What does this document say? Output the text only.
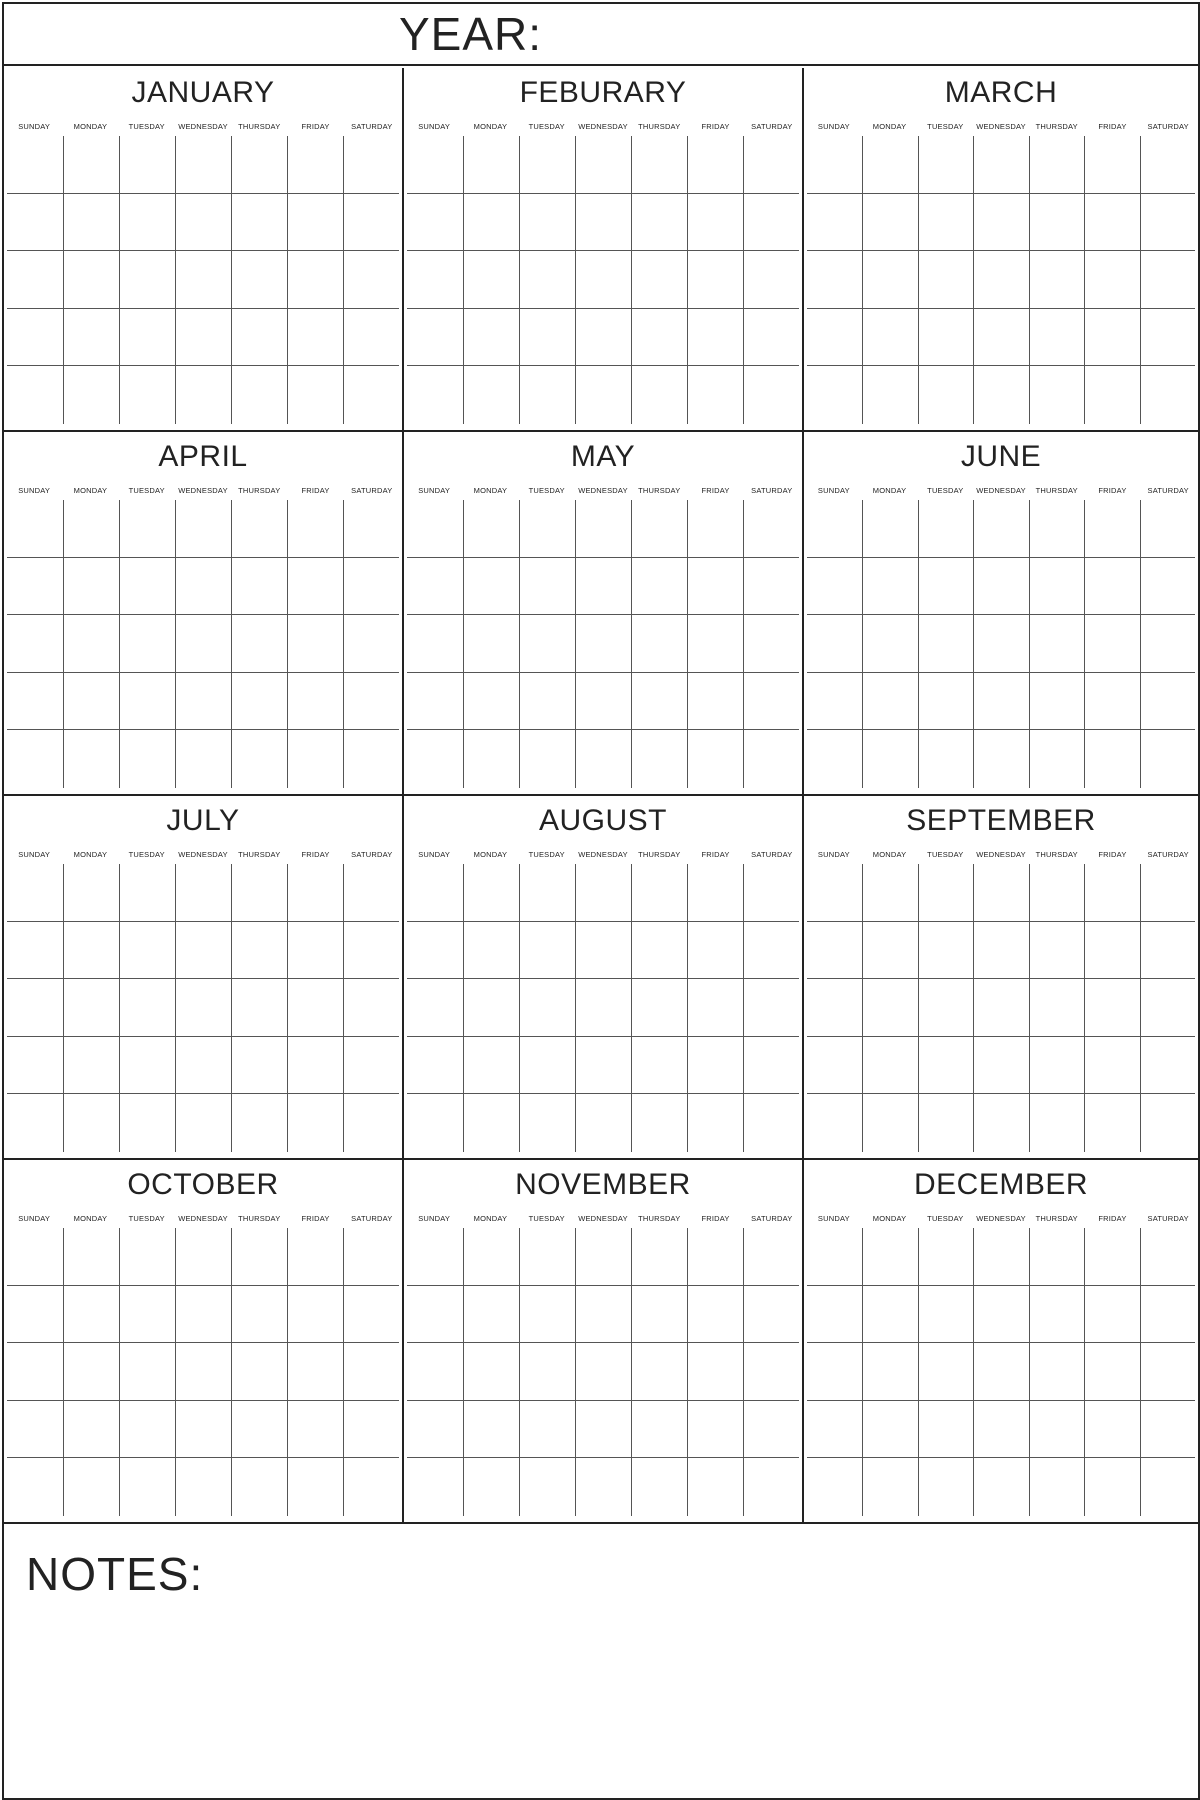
YEAR:
JANUARY
SUNDAY	MONDAY	TUESDAY	WEDNESDAY	THURSDAY	FRIDAY	SATURDAY
FEBURARY
SUNDAY	MONDAY	TUESDAY	WEDNESDAY	THURSDAY	FRIDAY	SATURDAY
MARCH
SUNDAY	MONDAY	TUESDAY	WEDNESDAY	THURSDAY	FRIDAY	SATURDAY
APRIL
SUNDAY	MONDAY	TUESDAY	WEDNESDAY	THURSDAY	FRIDAY	SATURDAY
MAY
SUNDAY	MONDAY	TUESDAY	WEDNESDAY	THURSDAY	FRIDAY	SATURDAY
JUNE
SUNDAY	MONDAY	TUESDAY	WEDNESDAY	THURSDAY	FRIDAY	SATURDAY
JULY
SUNDAY	MONDAY	TUESDAY	WEDNESDAY	THURSDAY	FRIDAY	SATURDAY
AUGUST
SUNDAY	MONDAY	TUESDAY	WEDNESDAY	THURSDAY	FRIDAY	SATURDAY
SEPTEMBER
SUNDAY	MONDAY	TUESDAY	WEDNESDAY	THURSDAY	FRIDAY	SATURDAY
OCTOBER
SUNDAY	MONDAY	TUESDAY	WEDNESDAY	THURSDAY	FRIDAY	SATURDAY
NOVEMBER
SUNDAY	MONDAY	TUESDAY	WEDNESDAY	THURSDAY	FRIDAY	SATURDAY
DECEMBER
SUNDAY	MONDAY	TUESDAY	WEDNESDAY	THURSDAY	FRIDAY	SATURDAY
NOTES:
